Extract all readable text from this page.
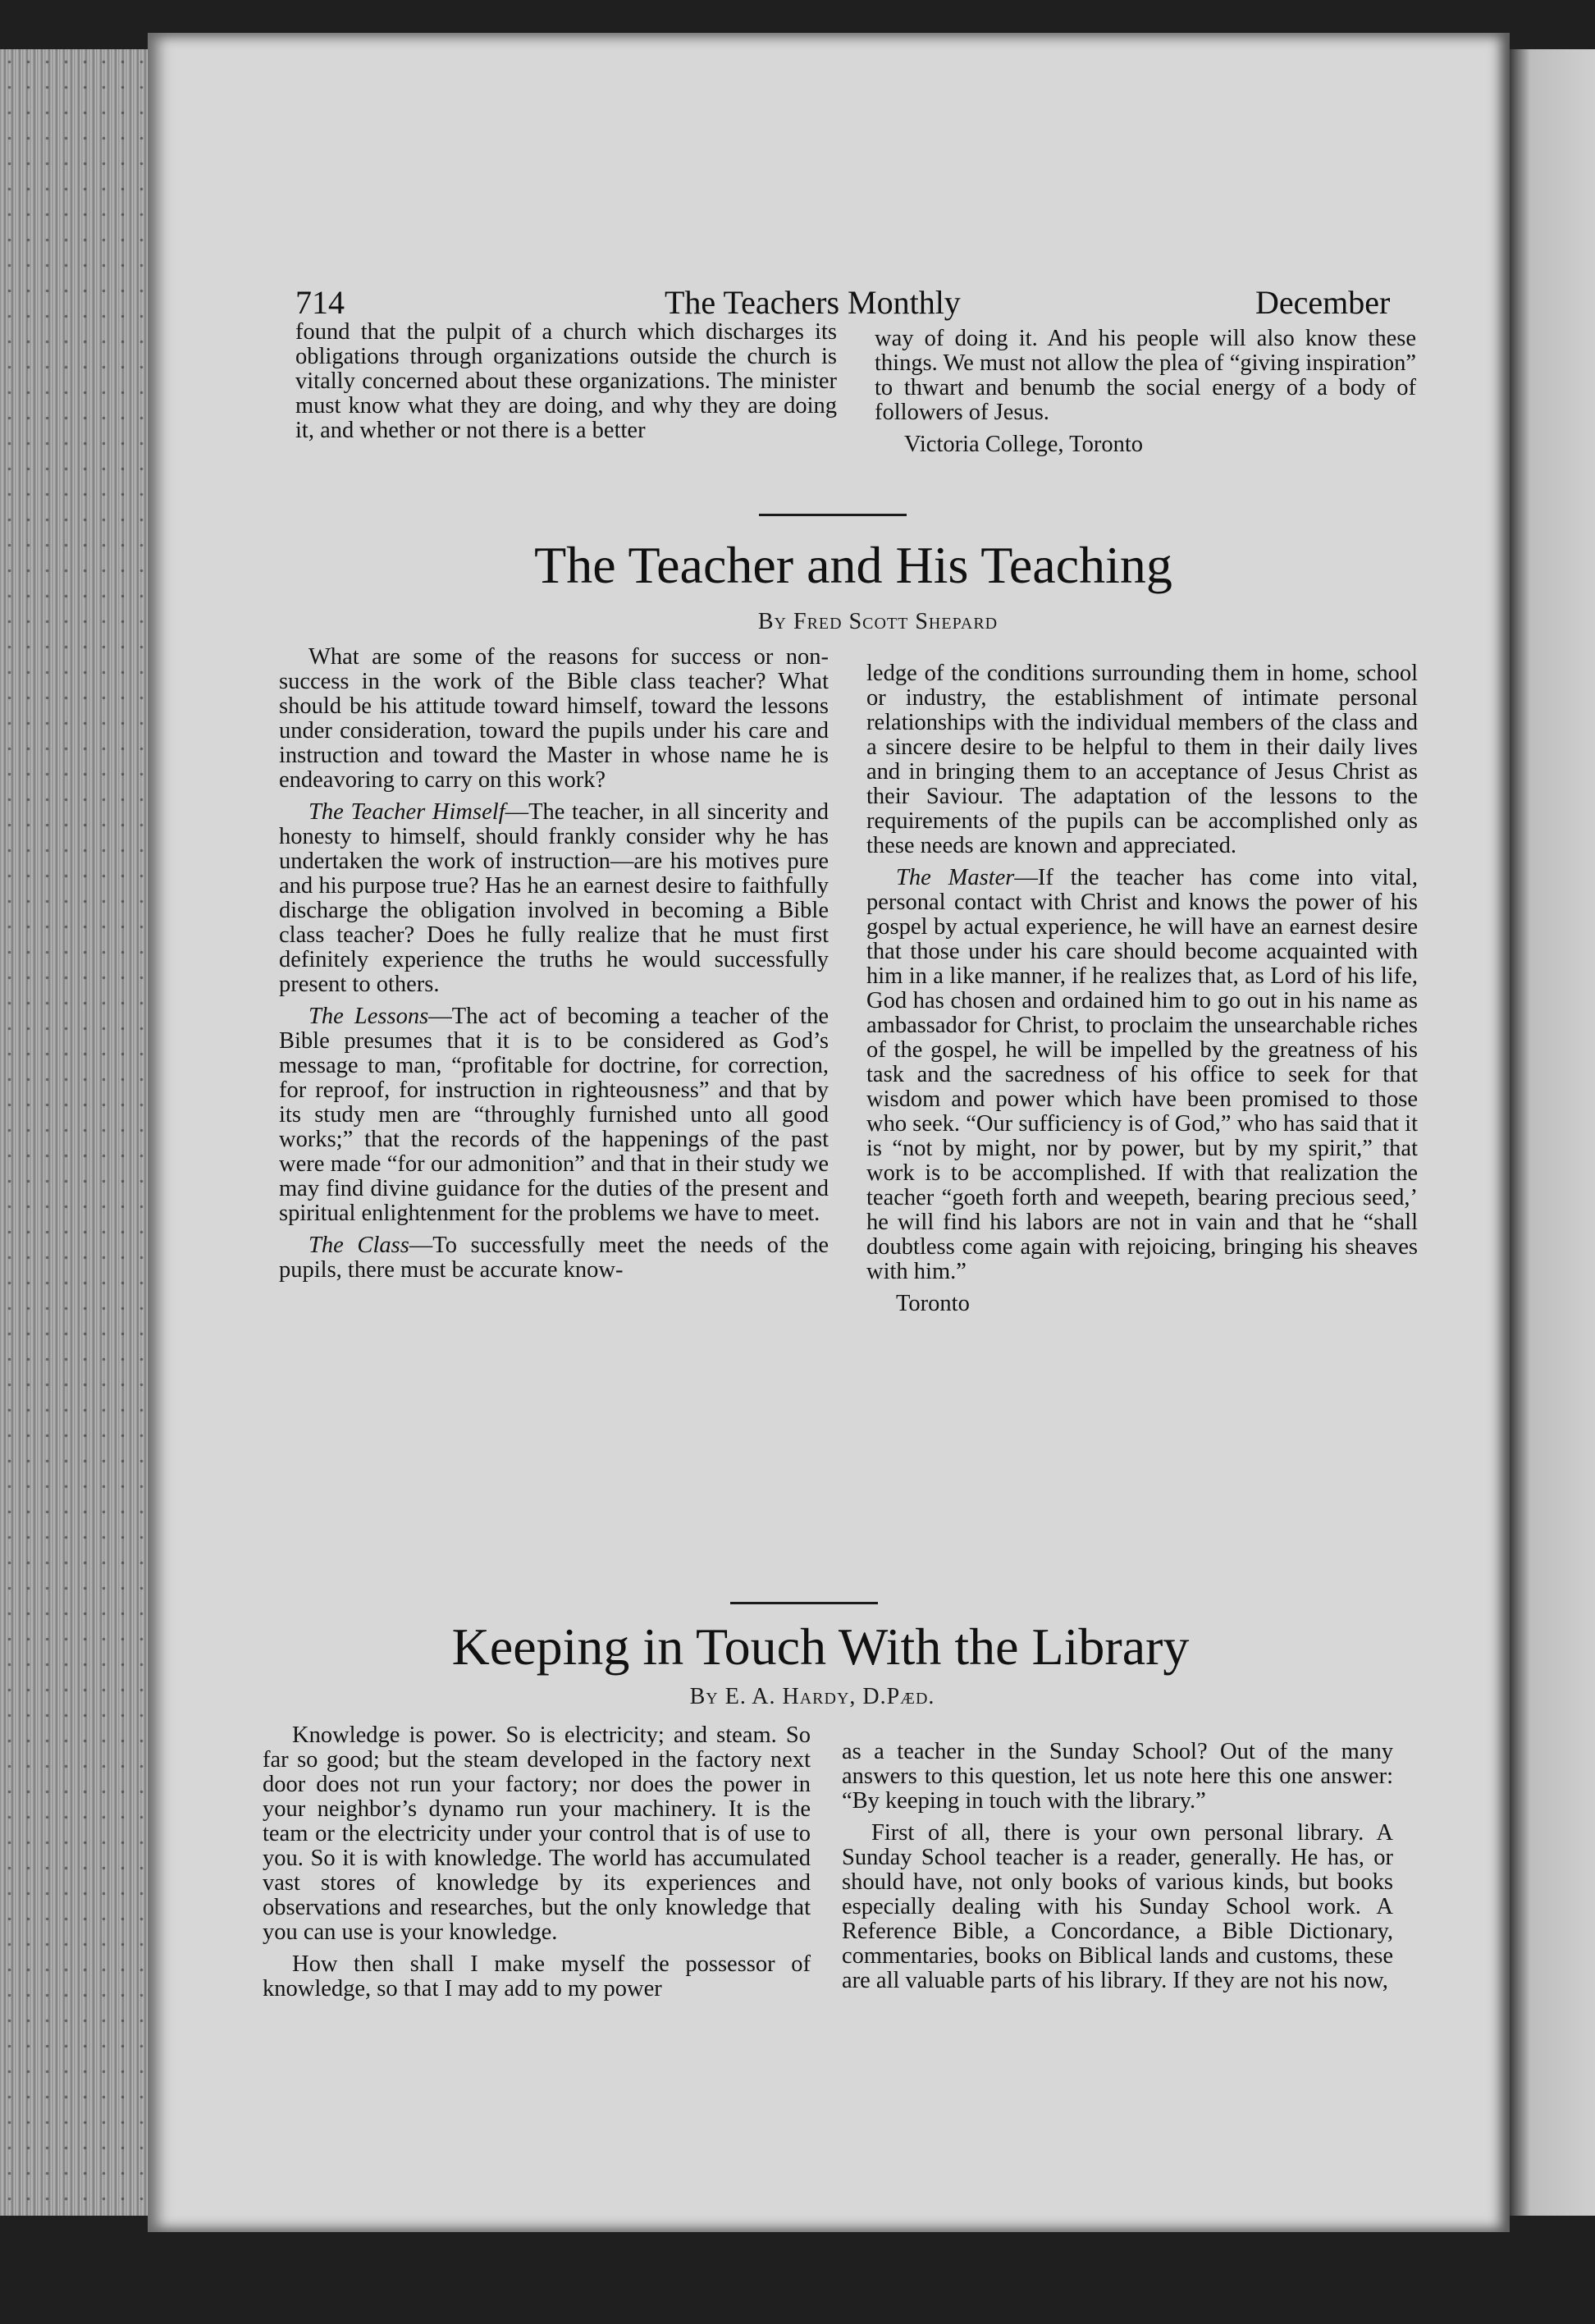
714	The Teachers Monthly	December

found that the pulpit of a church which discharges its obligations through organizations outside the church is vitally concerned about these organizations. The minister must know what they are doing, and why they are doing it, and whether or not there is a better

way of doing it. And his people will also know these things. We must not allow the plea of “giving inspiration” to thwart and benumb the social energy of a body of followers of Jesus.

Victoria College, Toronto

The Teacher and His Teaching
By Fred Scott Shepard

What are some of the reasons for success or non-success in the work of the Bible class teacher? What should be his attitude toward himself, toward the lessons under consideration, toward the pupils under his care and instruction and toward the Master in whose name he is endeavoring to carry on this work?

The Teacher Himself—The teacher, in all sincerity and honesty to himself, should frankly consider why he has undertaken the work of instruction—are his motives pure and his purpose true? Has he an earnest desire to faithfully discharge the obligation involved in becoming a Bible class teacher? Does he fully realize that he must first definitely experience the truths he would successfully present to others.

The Lessons—The act of becoming a teacher of the Bible presumes that it is to be considered as God’s message to man, “profitable for doctrine, for correction, for reproof, for instruction in righteousness” and that by its study men are “throughly furnished unto all good works;” that the records of the happenings of the past were made “for our admonition” and that in their study we may find divine guidance for the duties of the present and spiritual enlightenment for the problems we have to meet.

The Class—To successfully meet the needs of the pupils, there must be accurate know-

ledge of the conditions surrounding them in home, school or industry, the establishment of intimate personal relationships with the individual members of the class and a sincere desire to be helpful to them in their daily lives and in bringing them to an acceptance of Jesus Christ as their Saviour. The adaptation of the lessons to the requirements of the pupils can be accomplished only as these needs are known and appreciated.

The Master—If the teacher has come into vital, personal contact with Christ and knows the power of his gospel by actual experience, he will have an earnest desire that those under his care should become acquainted with him in a like manner, if he realizes that, as Lord of his life, God has chosen and ordained him to go out in his name as ambassador for Christ, to proclaim the unsearchable riches of the gospel, he will be impelled by the greatness of his task and the sacredness of his office to seek for that wisdom and power which have been promised to those who seek. “Our sufficiency is of God,” who has said that it is “not by might, nor by power, but by my spirit,” that work is to be accomplished. If with that realization the teacher “goeth forth and weepeth, bearing precious seed,’ he will find his labors are not in vain and that he “shall doubtless come again with rejoicing, bringing his sheaves with him.”

Toronto

Keeping in Touch With the Library
By E. A. Hardy, D.Pæd.

Knowledge is power. So is electricity; and steam. So far so good; but the steam developed in the factory next door does not run your factory; nor does the power in your neighbor’s dynamo run your machinery. It is the team or the electricity under your control that is of use to you. So it is with knowledge. The world has accumulated vast stores of knowledge by its experiences and observations and researches, but the only knowledge that you can use is your knowledge.

How then shall I make myself the possessor of knowledge, so that I may add to my power

as a teacher in the Sunday School? Out of the many answers to this question, let us note here this one answer: “By keeping in touch with the library.”

First of all, there is your own personal library. A Sunday School teacher is a reader, generally. He has, or should have, not only books of various kinds, but books especially dealing with his Sunday School work. A Reference Bible, a Concordance, a Bible Dictionary, commentaries, books on Biblical lands and customs, these are all valuable parts of his library. If they are not his now,
